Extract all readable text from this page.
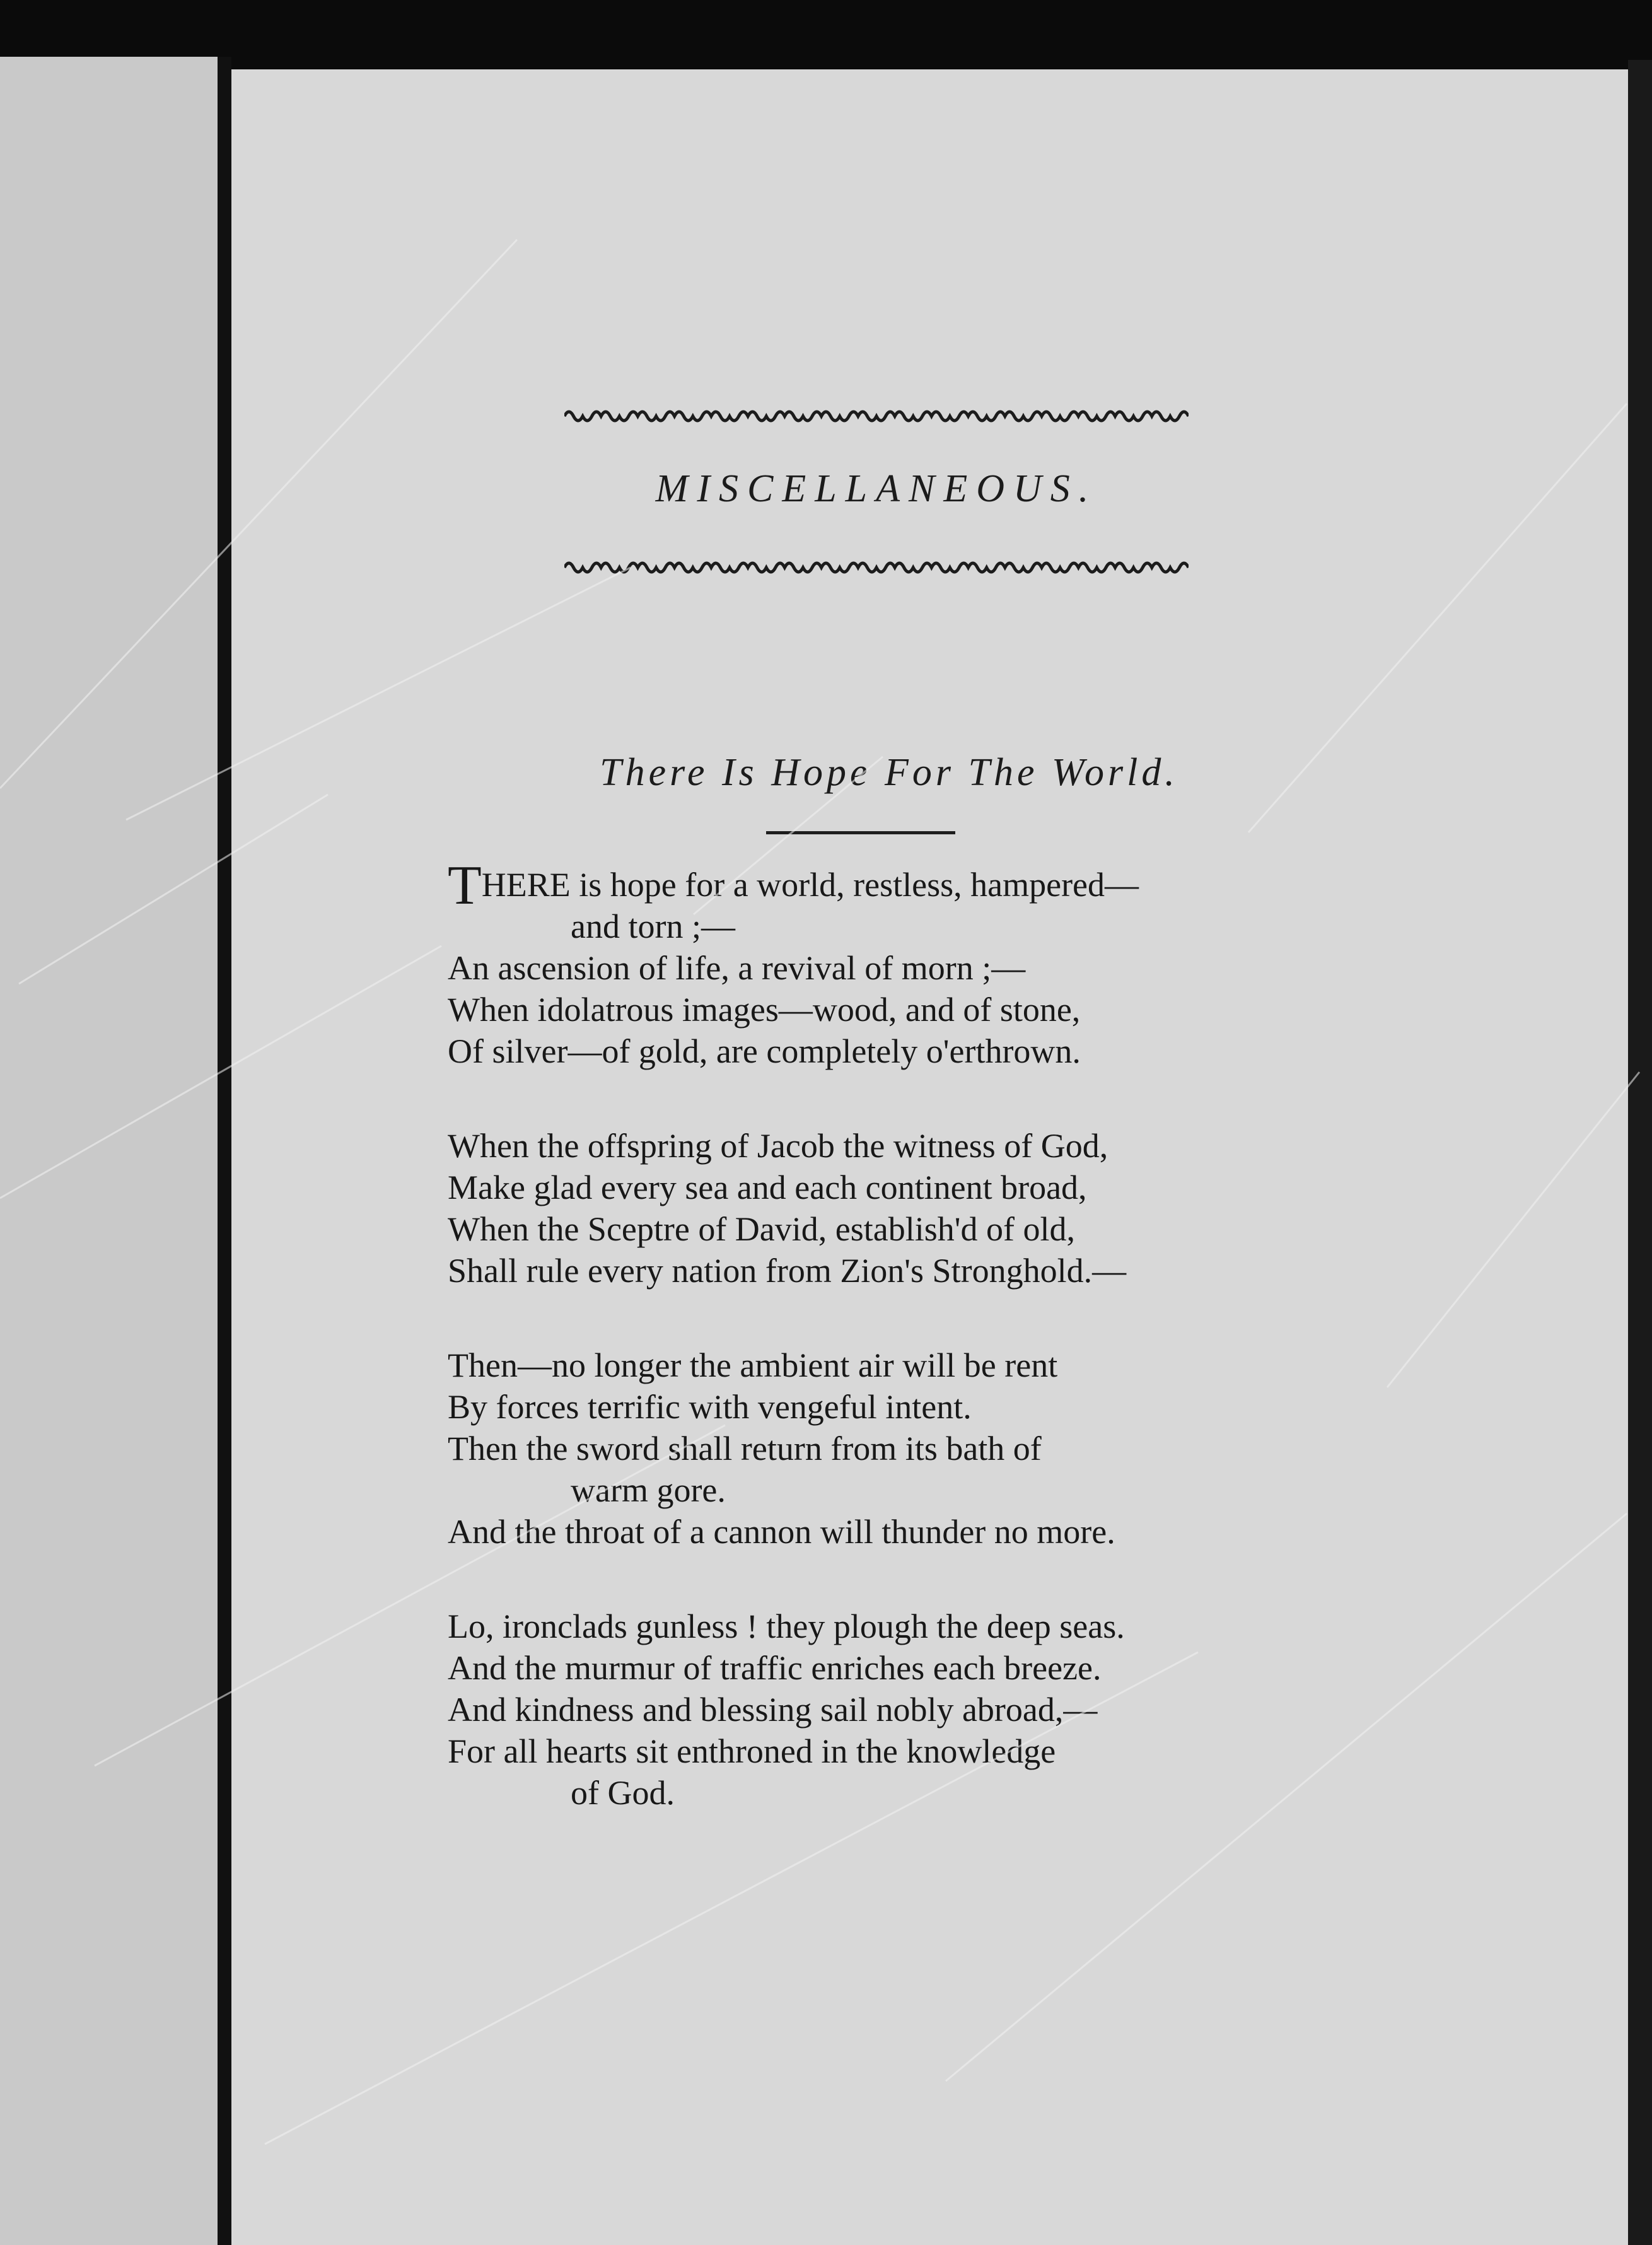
MISCELLANEOUS.
There Is Hope For The World.
THERE is hope for a world, restless, hampered—
and torn ;—
An ascension of life, a revival of morn ;—
When idolatrous images—wood, and of stone,
Of silver—of gold, are completely o'erthrown.
When the offspring of Jacob the witness of God,
Make glad every sea and each continent broad,
When the Sceptre of David, establish'd of old,
Shall rule every nation from Zion's Stronghold.—
Then—no longer the ambient air will be rent
By forces terrific with vengeful intent.
Then the sword shall return from its bath of
warm gore.
And the throat of a cannon will thunder no more.
Lo, ironclads gunless ! they plough the deep seas.
And the murmur of traffic enriches each breeze.
And kindness and blessing sail nobly abroad,—
For all hearts sit enthroned in the knowledge
of God.
